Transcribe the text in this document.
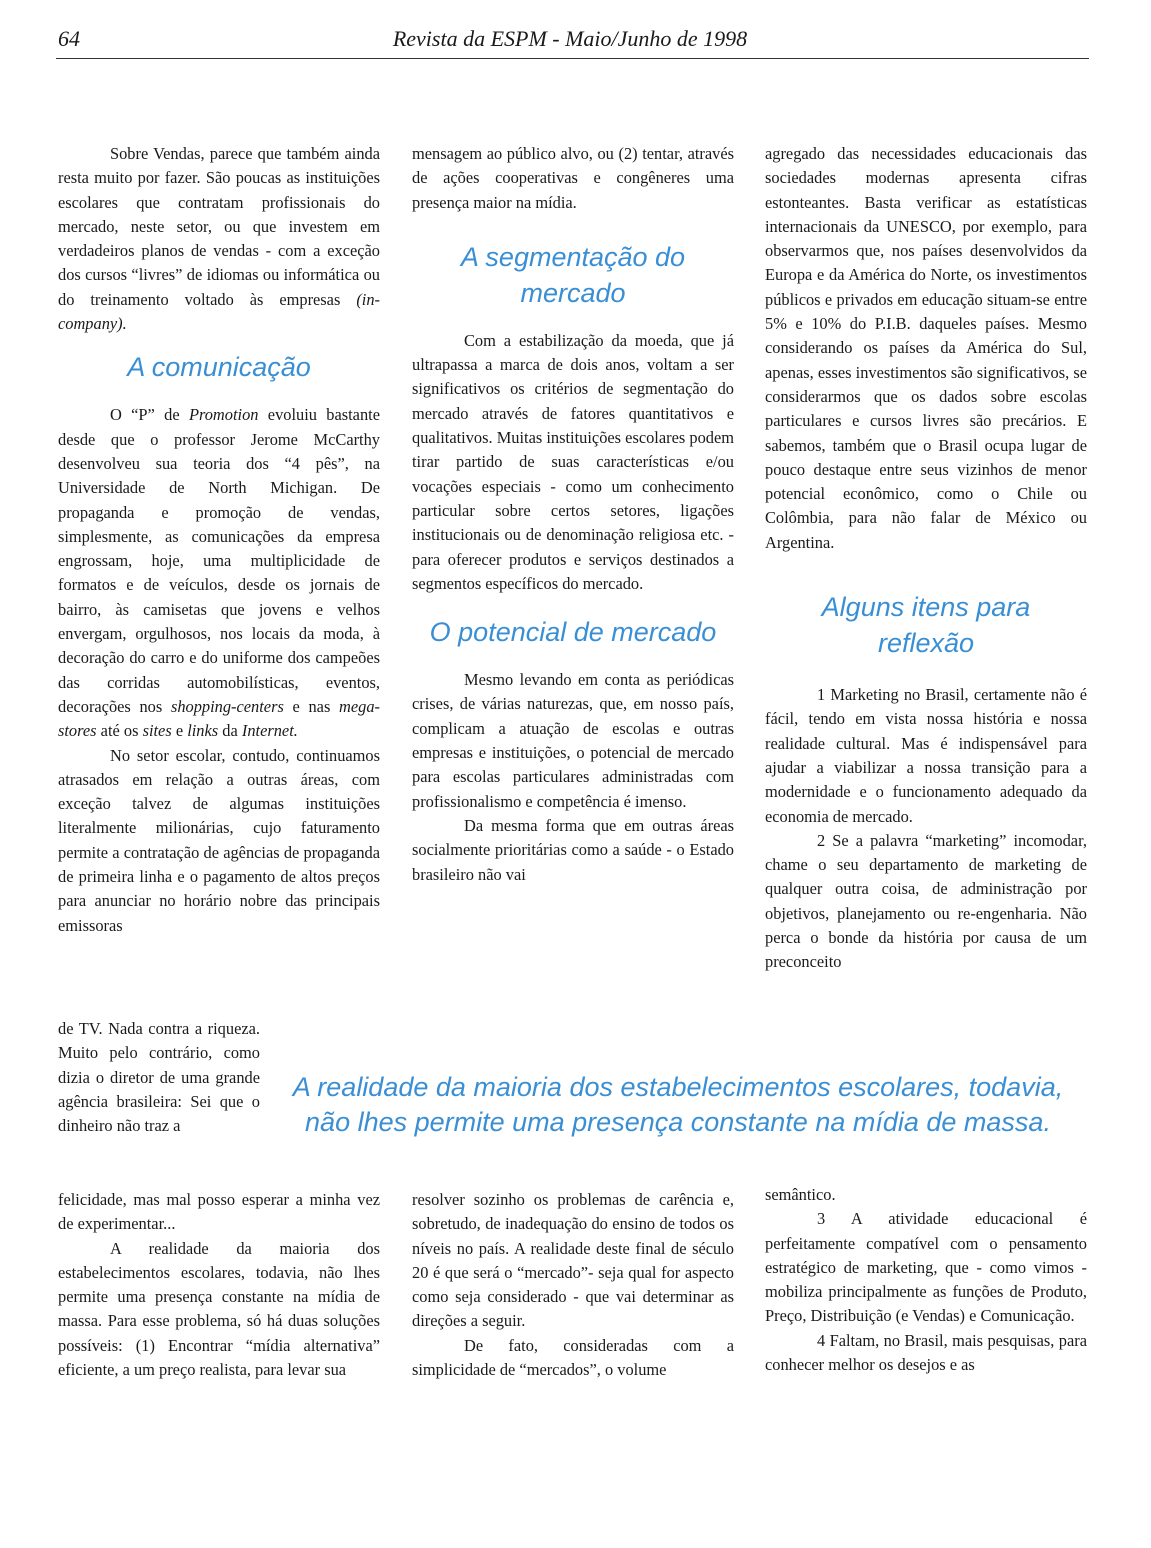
64	Revista da ESPM - Maio/Junho de 1998

Sobre Vendas, parece que também ainda resta muito por fazer. São poucas as instituições escolares que contratam profissionais do mercado, neste setor, ou que investem em verdadeiros planos de vendas - com a exceção dos cursos “livres” de idiomas ou informática ou do treinamento voltado às empresas (in-company).

A comunicação

O “P” de Promotion evoluiu bastante desde que o professor Jerome McCarthy desenvolveu sua teoria dos “4 pês”, na Universidade de North Michigan. De propaganda e promoção de vendas, simplesmente, as comunicações da empresa engrossam, hoje, uma multiplicidade de formatos e de veículos, desde os jornais de bairro, às camisetas que jovens e velhos envergam, orgulhosos, nos locais da moda, à decoração do carro e do uniforme dos campeões das corridas automobilísticas, eventos, decorações nos shopping-centers e nas mega-stores até os sites e links da Internet.

No setor escolar, contudo, continuamos atrasados em relação a outras áreas, com exceção talvez de algumas instituições literalmente milionárias, cujo faturamento permite a contratação de agências de propaganda de primeira linha e o pagamento de altos preços para anunciar no horário nobre das principais emissoras

de TV. Nada contra a riqueza. Muito pelo contrário, como dizia o diretor de uma grande agência brasileira: Sei que o dinheiro não traz a

A realidade da maioria dos estabelecimentos escolares, todavia, não lhes permite uma presença constante na mídia de massa.

felicidade, mas mal posso esperar a minha vez de experimentar...

A realidade da maioria dos estabelecimentos escolares, todavia, não lhes permite uma presença constante na mídia de massa. Para esse problema, só há duas soluções possíveis: (1) Encontrar “mídia alternativa” eficiente, a um preço realista, para levar sua

mensagem ao público alvo, ou (2) tentar, através de ações cooperativas e congêneres uma presença maior na mídia.

A segmentação do mercado

Com a estabilização da moeda, que já ultrapassa a marca de dois anos, voltam a ser significativos os critérios de segmentação do mercado através de fatores quantitativos e qualitativos. Muitas instituições escolares podem tirar partido de suas características e/ou vocações especiais - como um conhecimento particular sobre certos setores, ligações institucionais ou de denominação religiosa etc. - para oferecer produtos e serviços destinados a segmentos específicos do mercado.

O potencial de mercado

Mesmo levando em conta as periódicas crises, de várias naturezas, que, em nosso país, complicam a atuação de escolas e outras empresas e instituições, o potencial de mercado para escolas particulares administradas com profissionalismo e competência é imenso.

Da mesma forma que em outras áreas socialmente prioritárias como a saúde - o Estado brasileiro não vai

resolver sozinho os problemas de carência e, sobretudo, de inadequação do ensino de todos os níveis no país. A realidade deste final de século 20 é que será o “mercado”- seja qual for aspecto como seja considerado - que vai determinar as direções a seguir.

De fato, consideradas com a simplicidade de “mercados”, o volume

agregado das necessidades educacionais das sociedades modernas apresenta cifras estonteantes. Basta verificar as estatísticas internacionais da UNESCO, por exemplo, para observarmos que, nos países desenvolvidos da Europa e da América do Norte, os investimentos públicos e privados em educação situam-se entre 5% e 10% do P.I.B. daqueles países. Mesmo considerando os países da América do Sul, apenas, esses investimentos são significativos, se considerarmos que os dados sobre escolas particulares e cursos livres são precários. E sabemos, também que o Brasil ocupa lugar de pouco destaque entre seus vizinhos de menor potencial econômico, como o Chile ou Colômbia, para não falar de México ou Argentina.

Alguns itens para reflexão

1 Marketing no Brasil, certamente não é fácil, tendo em vista nossa história e nossa realidade cultural. Mas é indispensável para ajudar a viabilizar a nossa transição para a modernidade e o funcionamento adequado da economia de mercado.

2 Se a palavra “marketing” incomodar, chame o seu departamento de marketing de qualquer outra coisa, de administração por objetivos, planejamento ou re-engenharia. Não perca o bonde da história por causa de um preconceito

semântico.

3 A atividade educacional é perfeitamente compatível com o pensamento estratégico de marketing, que - como vimos - mobiliza principalmente as funções de Produto, Preço, Distribuição (e Vendas) e Comunicação.

4 Faltam, no Brasil, mais pesquisas, para conhecer melhor os desejos e as
